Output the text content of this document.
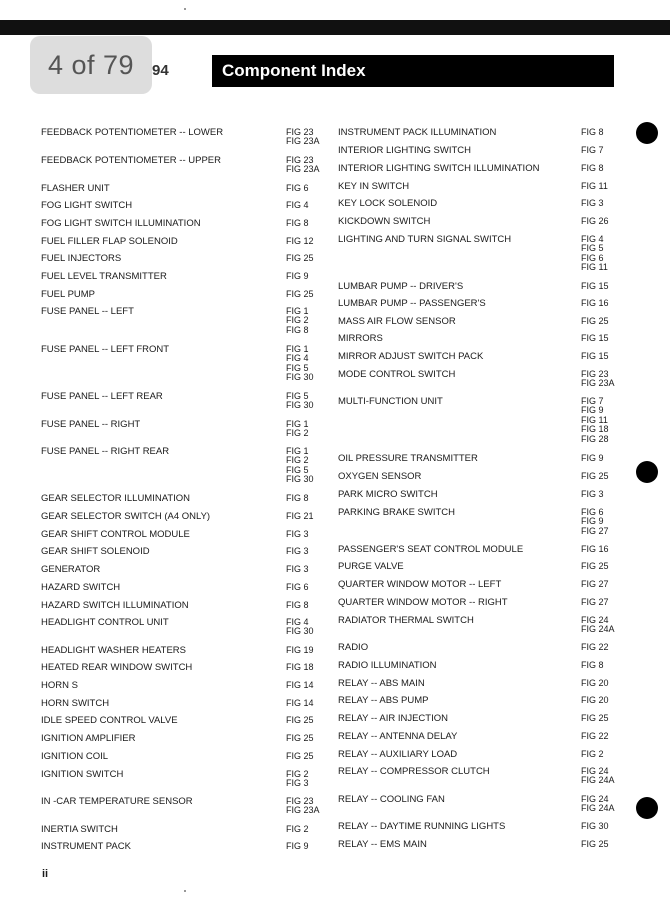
4 of 79 94	Component Index
FEEDBACK POTENTIOMETER -- LOWER	FIG 23
FIG 23A
FEEDBACK POTENTIOMETER -- UPPER	FIG 23
FIG 23A
FLASHER UNIT	FIG 6
FOG LIGHT SWITCH	FIG 4
FOG LIGHT SWITCH ILLUMINATION	FIG 8
FUEL FILLER FLAP SOLENOID	FIG 12
FUEL INJECTORS	FIG 25
FUEL LEVEL TRANSMITTER	FIG 9
FUEL PUMP	FIG 25
FUSE PANEL -- LEFT	FIG 1
FIG 2
FIG 8
FUSE PANEL -- LEFT FRONT	FIG 1
FIG 4
FIG 5
FIG 30
FUSE PANEL -- LEFT REAR	FIG 5
FIG 30
FUSE PANEL -- RIGHT	FIG 1
FIG 2
FUSE PANEL -- RIGHT REAR	FIG 1
FIG 2
FIG 5
FIG 30
GEAR SELECTOR ILLUMINATION	FIG 8
GEAR SELECTOR SWITCH (A4 ONLY)	FIG 21
GEAR SHIFT CONTROL MODULE	FIG 3
GEAR SHIFT SOLENOID	FIG 3
GENERATOR	FIG 3
HAZARD SWITCH	FIG 6
HAZARD SWITCH ILLUMINATION	FIG 8
HEADLIGHT CONTROL UNIT	FIG 4
FIG 30
HEADLIGHT WASHER HEATERS	FIG 19
HEATED REAR WINDOW SWITCH	FIG 18
HORN S	FIG 14
HORN SWITCH	FIG 14
IDLE SPEED CONTROL VALVE	FIG 25
IGNITION AMPLIFIER	FIG 25
IGNITION COIL	FIG 25
IGNITION SWITCH	FIG 2
FIG 3
IN -CAR TEMPERATURE SENSOR	FIG 23
FIG 23A
INERTIA SWITCH	FIG 2
INSTRUMENT PACK	FIG 9
INSTRUMENT PACK ILLUMINATION	FIG 8
INTERIOR LIGHTING SWITCH	FIG 7
INTERIOR LIGHTING SWITCH ILLUMINATION	FIG 8
KEY IN SWITCH	FIG 11
KEY LOCK SOLENOID	FIG 3
KICKDOWN SWITCH	FIG 26
LIGHTING AND TURN SIGNAL SWITCH	FIG 4
FIG 5
FIG 6
FIG 11
LUMBAR PUMP -- DRIVER'S	FIG 15
LUMBAR PUMP -- PASSENGER'S	FIG 16
MASS AIR FLOW SENSOR	FIG 25
MIRRORS	FIG 15
MIRROR ADJUST SWITCH PACK	FIG 15
MODE CONTROL SWITCH	FIG 23
FIG 23A
MULTI-FUNCTION UNIT	FIG 7
FIG 9
FIG 11
FIG 18
FIG 28
OIL PRESSURE TRANSMITTER	FIG 9
OXYGEN SENSOR	FIG 25
PARK MICRO SWITCH	FIG 3
PARKING BRAKE SWITCH	FIG 6
FIG 9
FIG 27
PASSENGER'S SEAT CONTROL MODULE	FIG 16
PURGE VALVE	FIG 25
QUARTER WINDOW MOTOR -- LEFT	FIG 27
QUARTER WINDOW MOTOR -- RIGHT	FIG 27
RADIATOR THERMAL SWITCH	FIG 24
FIG 24A
RADIO	FIG 22
RADIO ILLUMINATION	FIG 8
RELAY -- ABS MAIN	FIG 20
RELAY -- ABS PUMP	FIG 20
RELAY -- AIR INJECTION	FIG 25
RELAY -- ANTENNA DELAY	FIG 22
RELAY -- AUXILIARY LOAD	FIG 2
RELAY -- COMPRESSOR CLUTCH	FIG 24
FIG 24A
RELAY -- COOLING FAN	FIG 24
FIG 24A
RELAY -- DAYTIME RUNNING LIGHTS	FIG 30
RELAY -- EMS MAIN	FIG 25
ii
